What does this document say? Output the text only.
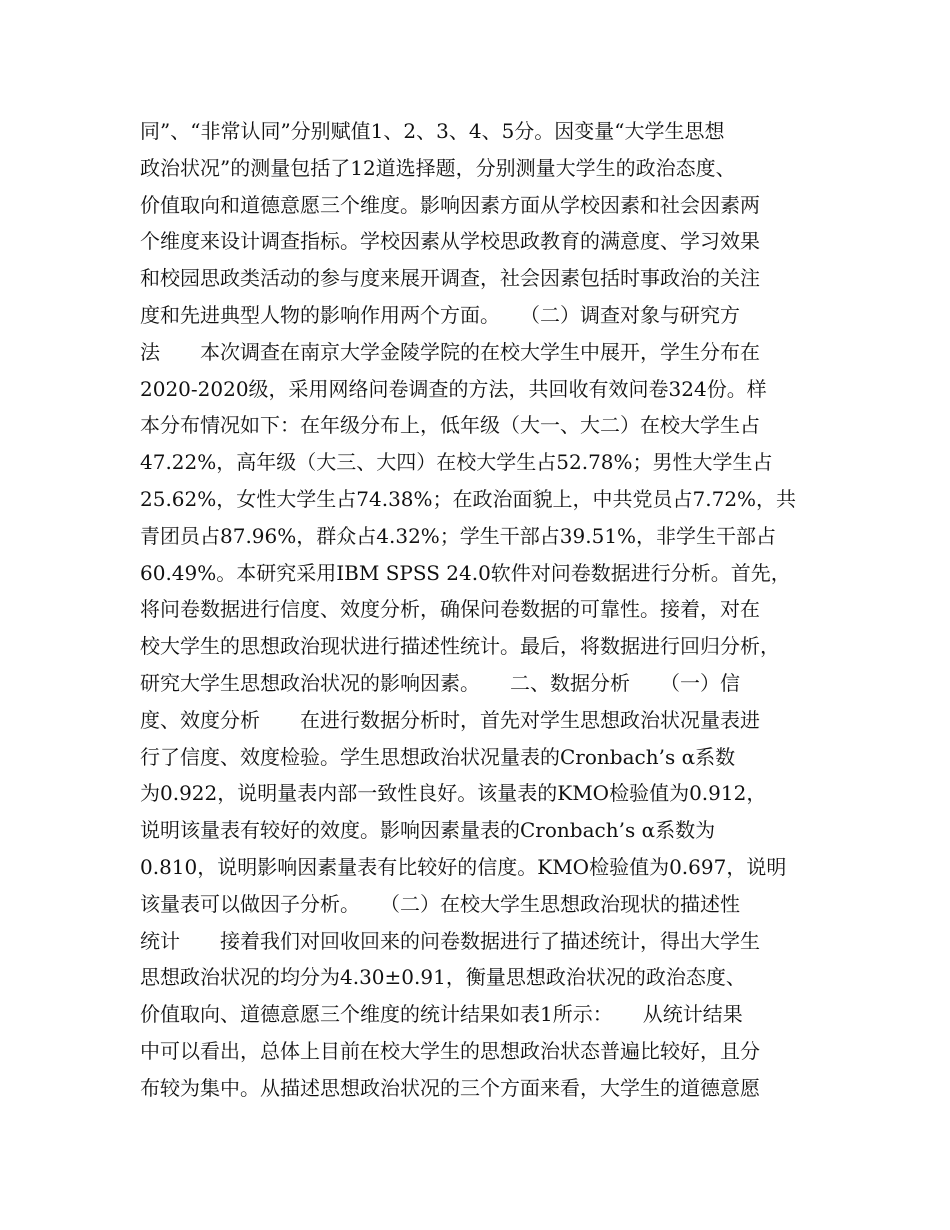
同”、“非常认同”分别赋值1、2、3、4、5分。因变量“大学生思想
政治状况”的测量包括了12道选择题，分别测量大学生的政治态度、
价值取向和道德意愿三个维度。影响因素方面从学校因素和社会因素两
个维度来设计调查指标。学校因素从学校思政教育的满意度、学习效果
和校园思政类活动的参与度来展开调查，社会因素包括时事政治的关注
度和先进典型人物的影响作用两个方面。　　（二）调查对象与研究方
法　　本次调查在南京大学金陵学院的在校大学生中展开，学生分布在
2020-2020级，采用网络问卷调查的方法，共回收有效问卷324份。样
本分布情况如下：在年级分布上，低年级（大一、大二）在校大学生占
47.22%，高年级（大三、大四）在校大学生占52.78%；男性大学生占
25.62%，女性大学生占74.38%；在政治面貌上，中共党员占7.72%，共
青团员占87.96%，群众占4.32%；学生干部占39.51%，非学生干部占
60.49%。本研究采用IBM SPSS 24.0软件对问卷数据进行分析。首先，
将问卷数据进行信度、效度分析，确保问卷数据的可靠性。接着，对在
校大学生的思想政治现状进行描述性统计。最后，将数据进行回归分析，
研究大学生思想政治状况的影响因素。　　二、数据分析　　（一）信
度、效度分析　　在进行数据分析时，首先对学生思想政治状况量表进
行了信度、效度检验。学生思想政治状况量表的Cronbach’s α系数
为0.922，说明量表内部一致性良好。该量表的KMO检验值为0.912，
说明该量表有较好的效度。影响因素量表的Cronbach’s α系数为
0.810，说明影响因素量表有比较好的信度。KMO检验值为0.697，说明
该量表可以做因子分析。　　（二）在校大学生思想政治现状的描述性
统计　　接着我们对回收回来的问卷数据进行了描述统计，得出大学生
思想政治状况的均分为4.30±0.91，衡量思想政治状况的政治态度、
价值取向、道德意愿三个维度的统计结果如表1所示：　　从统计结果
中可以看出，总体上目前在校大学生的思想政治状态普遍比较好，且分
布较为集中。从描述思想政治状况的三个方面来看，大学生的道德意愿
